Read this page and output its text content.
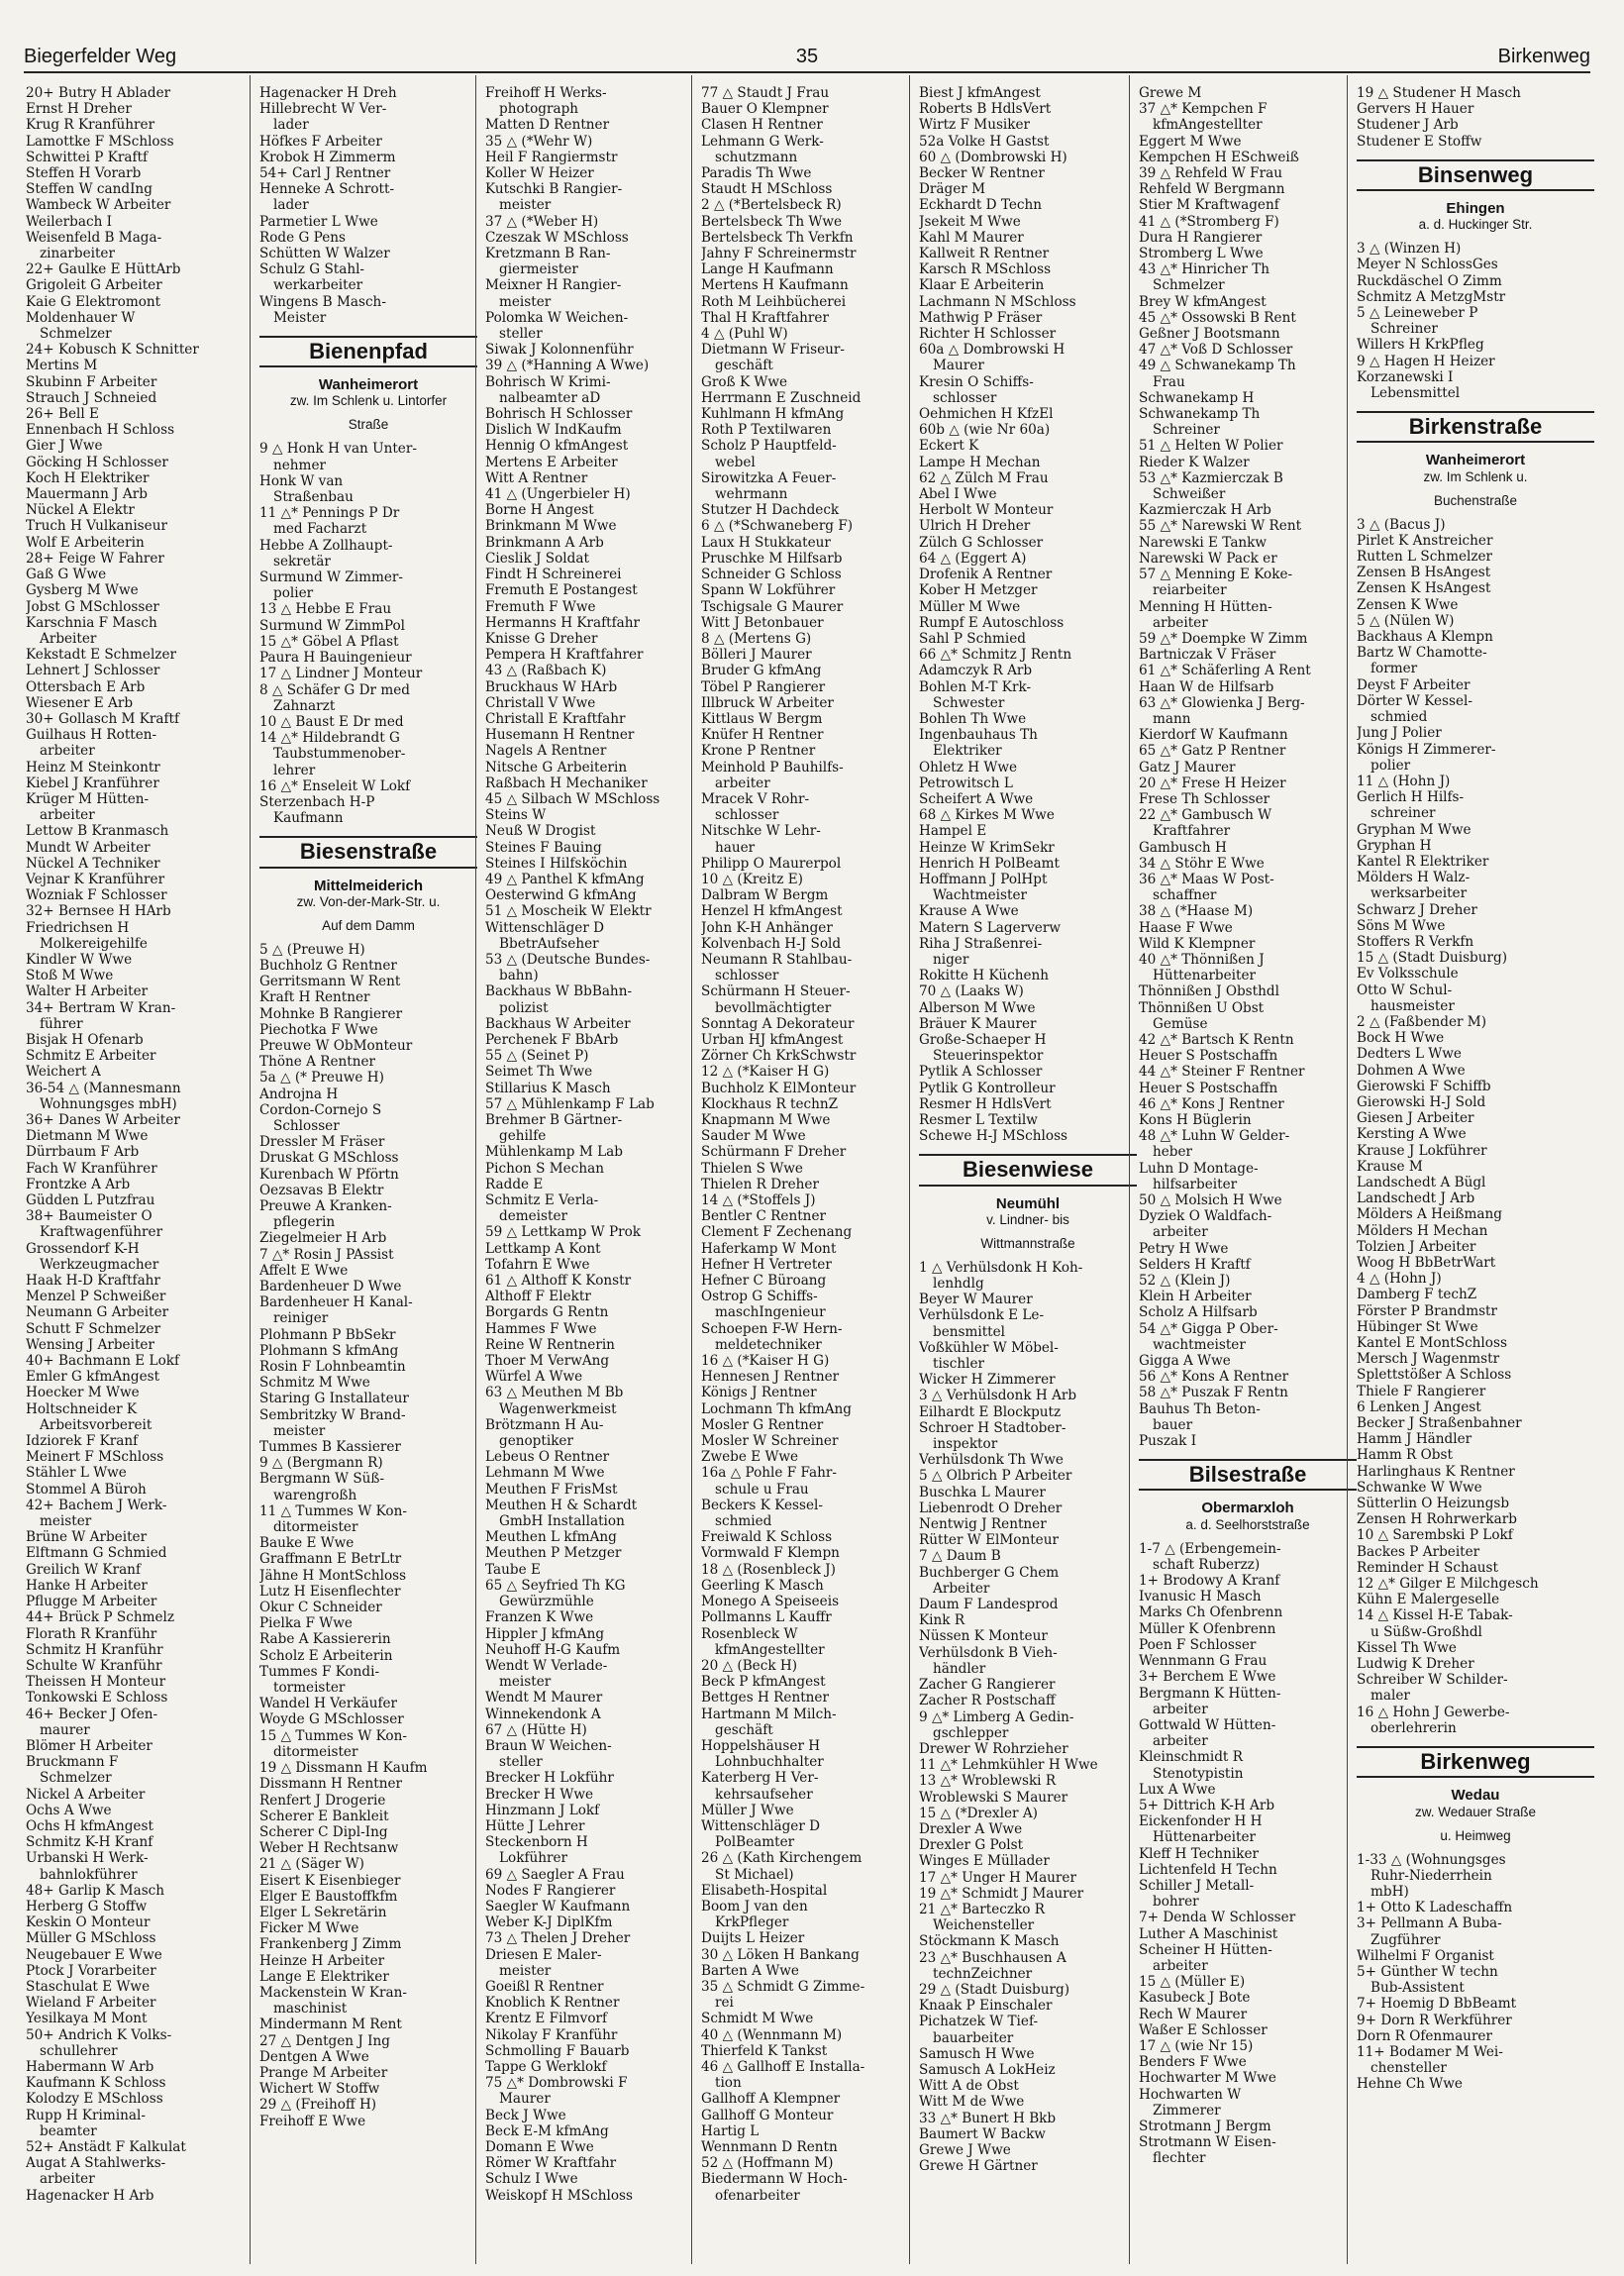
Biegerfelder Weg	35	Birkenweg
20+ Butry H Ablader
Ernst H Dreher
Krug R Kranführer
Lamottke F MSchloss
Schwittei P Kraftf
Steffen H Vorarb
Steffen W candIng
Wambeck W Arbeiter
Weilerbach I
Weisenfeld B Maga-
zinarbeiter
22+ Gaulke E HüttArb
Grigoleit G Arbeiter
Kaie G Elektromont
Moldenhauer W
Schmelzer
24+ Kobusch K Schnitter
Mertins M
Skubinn F Arbeiter
Strauch J Schneied
26+ Bell E
Ennenbach H Schloss
Gier J Wwe
Göcking H Schlosser
Koch H Elektriker
Mauermann J Arb
Nückel A Elektr
Truch H Vulkaniseur
Wolf E Arbeiterin
28+ Feige W Fahrer
Gaß G Wwe
Gysberg M Wwe
Jobst G MSchlosser
Karschnia F Masch
Arbeiter
Kekstadt E Schmelzer
Lehnert J Schlosser
Ottersbach E Arb
Wiesener E Arb
30+ Gollasch M Kraftf
Guilhaus H Rotten-
arbeiter
Heinz M Steinkontr
Kiebel J Kranführer
Krüger M Hütten-
arbeiter
Lettow B Kranmasch
Mundt W Arbeiter
Nückel A Techniker
Vejnar K Kranführer
Wozniak F Schlosser
32+ Bernsee H HArb
Friedrichsen H
Molkereigehilfe
Kindler W Wwe
Stoß M Wwe
Walter H Arbeiter
34+ Bertram W Kran-
führer
Bisjak H Ofenarb
Schmitz E Arbeiter
Weichert A
36-54 △ (Mannesmann
Wohnungsges mbH)
36+ Danes W Arbeiter
Dietmann M Wwe
Dürrbaum F Arb
Fach W Kranführer
Frontzke A Arb
Güdden L Putzfrau
38+ Baumeister O
Kraftwagenführer
Grossendorf K-H
Werkzeugmacher
Haak H-D Kraftfahr
Menzel P Schweißer
Neumann G Arbeiter
Schutt F Schmelzer
Wensing J Arbeiter
40+ Bachmann E Lokf
Emler G kfmAngest
Hoecker M Wwe
Holtschneider K
Arbeitsvorbereit
Idziorek F Kranf
Meinert F MSchloss
Stähler L Wwe
Stommel A Büroh
42+ Bachem J Werk-
meister
Brüne W Arbeiter
Elftmann G Schmied
Greilich W Kranf
Hanke H Arbeiter
Pflugge M Arbeiter
44+ Brück P Schmelz
Florath R Kranführ
Schmitz H Kranführ
Schulte W Kranführ
Theissen H Monteur
Tonkowski E Schloss
46+ Becker J Ofen-
maurer
Blömer H Arbeiter
Bruckmann F
Schmelzer
Nickel A Arbeiter
Ochs A Wwe
Ochs H kfmAngest
Schmitz K-H Kranf
Urbanski H Werk-
bahnlokführer
48+ Garlip K Masch
Herberg G Stoffw
Keskin O Monteur
Müller G MSchloss
Neugebauer E Wwe
Ptock J Vorarbeiter
Staschulat E Wwe
Wieland F Arbeiter
Yesilkaya M Mont
50+ Andrich K Volks-
schullehrer
Habermann W Arb
Kaufmann K Schloss
Kolodzy E MSchloss
Rupp H Kriminal-
beamter
52+ Anstädt F Kalkulat
Augat A Stahlwerks-
arbeiter
Hagenacker H Arb
Hagenacker H Dreh
Hillebrecht W Ver-
lader
Höfkes F Arbeiter
Krobok H Zimmerm
54+ Carl J Rentner
Henneke A Schrott-
lader
Parmetier L Wwe
Rode G Pens
Schütten W Walzer
Schulz G Stahl-
werkarbeiter
Wingens B Masch-
Meister
Bienenpfad
Wanheimerort
zw. Im Schlenk u. Lintorfer
Straße
9 △ Honk H van Unter-
nehmer
Honk W van
Straßenbau
11 △* Pennings P Dr
med Facharzt
Hebbe A Zollhaupt-
sekretär
Surmund W Zimmer-
polier
13 △ Hebbe E Frau
Surmund W ZimmPol
15 △* Göbel A Pflast
Paura H Bauingenieur
17 △ Lindner J Monteur
8 △ Schäfer G Dr med
Zahnarzt
10 △ Baust E Dr med
14 △* Hildebrandt G
Taubstummenober-
lehrer
16 △* Enseleit W Lokf
Sterzenbach H-P
Kaufmann
Biesenstraße
Mittelmeiderich
zw. Von-der-Mark-Str. u.
Auf dem Damm
5 △ (Preuwe H)
Buchholz G Rentner
Gerritsmann W Rent
Kraft H Rentner
Mohnke B Rangierer
Piechotka F Wwe
Preuwe W ObMonteur
Thöne A Rentner
5a △ (* Preuwe H)
Androjna H
Cordon-Cornejo S
Schlosser
Dressler M Fräser
Druskat G MSchloss
Kurenbach W Pförtn
Oezsavas B Elektr
Preuwe A Kranken-
pflegerin
Ziegelmeier H Arb
7 △* Rosin J PAssist
Affelt E Wwe
Bardenheuer D Wwe
Bardenheuer H Kanal-
reiniger
Plohmann P BbSekr
Plohmann S kfmAng
Rosin F Lohnbeamtin
Schmitz M Wwe
Staring G Installateur
Sembritzky W Brand-
meister
Tummes B Kassierer
9 △ (Bergmann R)
Bergmann W Süß-
warengroßh
11 △ Tummes W Kon-
ditormeister
Bauke E Wwe
Graffmann E BetrLtr
Jähne H MontSchloss
Lutz H Eisenflechter
Okur C Schneider
Pielka F Wwe
Rabe A Kassiererin
Scholz E Arbeiterin
Tummes F Kondi-
tormeister
Wandel H Verkäufer
Woyde G MSchlosser
15 △ Tummes W Kon-
ditormeister
19 △ Dissmann H Kaufm
Dissmann H Rentner
Renfert J Drogerie
Scherer E Bankleit
Scherer C Dipl-Ing
Weber H Rechtsanw
21 △ (Säger W)
Eisert K Eisenbieger
Elger E Baustoffkfm
Elger L Sekretärin
Ficker M Wwe
Frankenberg J Zimm
Heinze H Arbeiter
Lange E Elektriker
Mackenstein W Kran-
maschinist
Mindermann M Rent
27 △ Dentgen J Ing
Dentgen A Wwe
Prange M Arbeiter
Wichert W Stoffw
29 △ (Freihoff H)
Freihoff E Wwe
Freihoff H Werks-
photograph
Matten D Rentner
35 △ (*Wehr W)
Heil F Rangiermstr
Koller W Heizer
Kutschki B Rangier-
meister
37 △ (*Weber H)
Czeszak W MSchloss
Kretzmann B Ran-
giermeister
Meixner H Rangier-
meister
Polomka W Weichen-
steller
Siwak J Kolonnenführ
39 △ (*Hanning A Wwe)
Bohrisch W Krimi-
nalbeamter aD
Bohrisch H Schlosser
Dislich W IndKaufm
Hennig O kfmAngest
Mertens E Arbeiter
Witt A Rentner
41 △ (Ungerbieler H)
Borne H Angest
Brinkmann M Wwe
Brinkmann A Arb
Cieslik J Soldat
Findt H Schreinerei
Fremuth E Postangest
Fremuth F Wwe
Hermanns H Kraftfahr
Knisse G Dreher
Pempera H Kraftfahrer
43 △ (Raßbach K)
Bruckhaus W HArb
Christall V Wwe
Christall E Kraftfahr
Husemann H Rentner
Nagels A Rentner
Nitsche G Arbeiterin
Raßbach H Mechaniker
45 △ Silbach W MSchloss
Steins W
Neuß W Drogist
Steines F Bauing
Steines I Hilfsköchin
49 △ Panthel K kfmAng
Oesterwind G kfmAng
51 △ Moscheik W Elektr
Wittenschläger D
BbetrAufseher
53 △ (Deutsche Bundes-
bahn)
Backhaus W BbBahn-
polizist
Backhaus W Arbeiter
Perchenek F BbArb
55 △ (Seinet P)
Seimet Th Wwe
Stillarius K Masch
57 △ Mühlenkamp F Lab
Brehmer B Gärtner-
gehilfe
Mühlenkamp M Lab
Pichon S Mechan
Radde E
Schmitz E Verla-
demeister
59 △ Lettkamp W Prok
Lettkamp A Kont
Tofahrn E Wwe
61 △ Althoff K Konstr
Althoff F Elektr
Borgards G Rentn
Hammes F Wwe
Reine W Rentnerin
Thoer M VerwAng
Würfel A Wwe
63 △ Meuthen M Bb
Wagenwerkmeist
Brötzmann H Au-
genoptiker
Lebeus O Rentner
Lehmann M Wwe
Meuthen F FrisMst
Meuthen H & Schardt
GmbH Installation
Meuthen L kfmAng
Meuthen P Metzger
Taube E
65 △ Seyfried Th KG
Gewürzmühle
Franzen K Wwe
Hippler J kfmAng
Neuhoff H-G Kaufm
Wendt W Verlade-
meister
Wendt M Maurer
Winnekendonk A
67 △ (Hütte H)
Braun W Weichen-
steller
Brecker H Lokführ
Brecker H Wwe
Hinzmann J Lokf
Hütte J Lehrer
Steckenborn H
Lokführer
69 △ Saegler A Frau
Nodes F Rangierer
Saegler W Kaufmann
Weber K-J DiplKfm
73 △ Thelen J Dreher
Driesen E Maler-
meister
Goeißl R Rentner
Knoblich K Rentner
Krentz E Filmvorf
Nikolay F Kranführ
Schmolling F Bauarb
Tappe G Werklokf
75 △* Dombrowski F
Maurer
Beck J Wwe
Beck E-M kfmAng
Domann E Wwe
Römer W Kraftfahr
Schulz I Wwe
Weiskopf H MSchloss
77 △ Staudt J Frau
Bauer O Klempner
Clasen H Rentner
Lehmann G Werk-
schutzmann
Paradis Th Wwe
Staudt H MSchloss
2 △ (*Bertelsbeck R)
Bertelsbeck Th Wwe
Bertelsbeck Th Verkfn
Jahny F Schreinermstr
Lange H Kaufmann
Mertens H Kaufmann
Roth M Leihbücherei
Thal H Kraftfahrer
4 △ (Puhl W)
Dietmann W Friseur-
geschäft
Groß K Wwe
Herrmann E Zuschneid
Kuhlmann H kfmAng
Roth P Textilwaren
Scholz P Hauptfeld-
webel
Sirowitzka A Feuer-
wehrmann
Stutzer H Dachdeck
6 △ (*Schwaneberg F)
Laux H Stukkateur
Pruschke M Hilfsarb
Schneider G Schloss
Spann W Lokführer
Tschigsale G Maurer
Witt J Betonbauer
8 △ (Mertens G)
Bölleri J Maurer
Bruder G kfmAng
Töbel P Rangierer
Illbruck W Arbeiter
Kittlaus W Bergm
Knüfer H Rentner
Krone P Rentner
Meinhold P Bauhilfs-
arbeiter
Mracek V Rohr-
schlosser
Nitschke W Lehr-
hauer
Philipp O Maurerpol
10 △ (Kreitz E)
Dalbram W Bergm
Henzel H kfmAngest
John K-H Anhänger
Kolvenbach H-J Sold
Neumann R Stahlbau-
schlosser
Schürmann H Steuer-
bevollmächtigter
Sonntag A Dekorateur
Urban HJ kfmAngest
Zörner Ch KrkSchwstr
12 △ (*Kaiser H G)
Buchholz K ElMonteur
Klockhaus R technZ
Knapmann M Wwe
Sauder M Wwe
Schürmann F Dreher
Thielen S Wwe
Thielen R Dreher
14 △ (*Stoffels J)
Bentler C Rentner
Clement F Zechenang
Haferkamp W Mont
Hefner H Vertreter
Hefner C Büroang
Ostrop G Schiffs-
maschIngenieur
Schoepen F-W Hern-
meldetechniker
16 △ (*Kaiser H G)
Hennesen J Rentner
Königs J Rentner
Lochmann Th kfmAng
Mosler G Rentner
Mosler W Schreiner
Zwebe E Wwe
16a △ Pohle F Fahr-
schule u Frau
Beckers K Kessel-
schmied
Freiwald K Schloss
Vormwald F Klempn
18 △ (Rosenbleck J)
Geerling K Masch
Monego A Speiseeis
Pollmanns L Kauffr
Rosenbleck W
kfmAngestellter
20 △ (Beck H)
Beck P kfmAngest
Bettges H Rentner
Hartmann M Milch-
geschäft
Hoppelshäuser H
Lohnbuchhalter
Katerberg H Ver-
kehrsaufseher
Müller J Wwe
Wittenschläger D
PolBeamter
26 △ (Kath Kirchengem
St Michael)
Elisabeth-Hospital
Boom J van den
KrkPfleger
Duijts L Heizer
30 △ Löken H Bankang
Barten A Wwe
35 △ Schmidt G Zimme-
rei
Schmidt M Wwe
40 △ (Wennmann M)
Thierfeld K Tankst
46 △ Gallhoff E Installa-
tion
Gallhoff A Klempner
Gallhoff G Monteur
Hartig L
Wennmann D Rentn
52 △ (Hoffmann M)
Biedermann W Hoch-
ofenarbeiter
Biest J kfmAngest
Roberts B HdlsVert
Wirtz F Musiker
52a Volke H Gastst
60 △ (Dombrowski H)
Becker W Rentner
Dräger M
Eckhardt D Techn
Jsekeit M Wwe
Kahl M Maurer
Kallweit R Rentner
Karsch R MSchloss
Klaar E Arbeiterin
Lachmann N MSchloss
Mathwig P Fräser
Richter H Schlosser
60a △ Dombrowski H
Maurer
Kresin O Schiffs-
schlosser
Oehmichen H KfzEl
60b △ (wie Nr 60a)
Eckert K
Lampe H Mechan
62 △ Zülch M Frau
Abel I Wwe
Herbolt W Monteur
Ulrich H Dreher
Zülch G Schlosser
64 △ (Eggert A)
Drofenik A Rentner
Kober H Metzger
Müller M Wwe
Rumpf E Autoschloss
Sahl P Schmied
66 △* Schmitz J Rentn
Adamczyk R Arb
Bohlen M-T Krk-
Schwester
Bohlen Th Wwe
Ingenbauhaus Th
Elektriker
Ohletz H Wwe
Petrowitsch L
Scheifert A Wwe
68 △ Kirkes M Wwe
Hampel E
Heinze W KrimSekr
Henrich H PolBeamt
Hoffmann J PolHpt
Wachtmeister
Krause A Wwe
Matern S Lagerverw
Riha J Straßenrei-
niger
Rokitte H Küchenh
70 △ (Laaks W)
Alberson M Wwe
Bräuer K Maurer
Große-Schaeper H
Steuerinspektor
Pytlik A Schlosser
Pytlik G Kontrolleur
Resmer H HdlsVert
Resmer L Textilw
Schewe H-J MSchloss
Biesenwiese
Neumühl
v. Lindner- bis
Wittmannstraße
1 △ Verhülsdonk H Koh-
lenhdlg
Beyer W Maurer
Verhülsdonk E Le-
bensmittel
Voßkühler W Möbel-
tischler
Wicker H Zimmerer
3 △ Verhülsdonk H Arb
Eilhardt E Blockputz
Schroer H Stadtober-
inspektor
Verhülsdonk Th Wwe
5 △ Olbrich P Arbeiter
Buschka L Maurer
Liebenrodt O Dreher
Nentwig J Rentner
Rütter W ElMonteur
7 △ Daum B
Buchberger G Chem
Arbeiter
Daum F Landesprod
Kink R
Nüssen K Monteur
Verhülsdonk B Vieh-
händler
Zacher G Rangierer
Zacher R Postschaff
9 △* Limberg A Gedin-
gschlepper
Drewer W Rohrzieher
11 △* Lehmkühler H Wwe
13 △* Wroblewski R
Wroblewski S Maurer
15 △ (*Drexler A)
Drexler A Wwe
Drexler G Polst
Winges E Müllader
17 △* Unger H Maurer
19 △* Schmidt J Maurer
21 △* Barteczko R
Weichensteller
Stöckmann K Masch
23 △* Buschhausen A
technZeichner
29 △ (Stadt Duisburg)
Knaak P Einschaler
Pichatzek W Tief-
bauarbeiter
Samusch H Wwe
Samusch A LokHeiz
Witt A de Obst
Witt M de Wwe
33 △* Bunert H Bkb
Baumert W Backw
Grewe J Wwe
Grewe H Gärtner
Grewe M
37 △* Kempchen F
kfmAngestellter
Eggert M Wwe
Kempchen H ESchweiß
39 △ Rehfeld W Frau
Rehfeld W Bergmann
Stier M Kraftwagenf
41 △ (*Stromberg F)
Dura H Rangierer
Stromberg L Wwe
43 △* Hinricher Th
Schmelzer
Brey W kfmAngest
45 △* Ossowski B Rent
Geßner J Bootsmann
47 △* Voß D Schlosser
49 △ Schwanekamp Th
Frau
Schwanekamp H
Schwanekamp Th
Schreiner
51 △ Helten W Polier
Rieder K Walzer
53 △* Kazmierczak B
Schweißer
Kazmierczak H Arb
55 △* Narewski W Rent
Narewski E Tankw
Narewski W Pack er
57 △ Menning E Koke-
reiarbeiter
Menning H Hütten-
arbeiter
59 △* Doempke W Zimm
Bartniczak V Fräser
61 △* Schäferling A Rent
Haan W de Hilfsarb
63 △* Glowienka J Berg-
mann
Kierdorf W Kaufmann
65 △* Gatz P Rentner
Gatz J Maurer
20 △* Frese H Heizer
Frese Th Schlosser
22 △* Gambusch W
Kraftfahrer
Gambusch H
34 △ Stöhr E Wwe
36 △* Maas W Post-
schaffner
38 △ (*Haase M)
Haase F Wwe
Wild K Klempner
40 △* Thönnißen J
Hüttenarbeiter
Thönnißen J Obsthdl
Thönnißen U Obst
Gemüse
42 △* Bartsch K Rentn
Heuer S Postschaffn
44 △* Steiner F Rentner
Heuer S Postschaffn
46 △* Kons J Rentner
Kons H Büglerin
48 △* Luhn W Gelder-
heber
Luhn D Montage-
hilfsarbeiter
50 △ Molsich H Wwe
Dyziek O Waldfach-
arbeiter
Petry H Wwe
Selders H Kraftf
52 △ (Klein J)
Klein H Arbeiter
Scholz A Hilfsarb
54 △* Gigga P Ober-
wachtmeister
Gigga A Wwe
56 △* Kons A Rentner
58 △* Puszak F Rentn
Bauhus Th Beton-
bauer
Puszak I
Bilsestraße
Obermarxloh
a. d. Seelhorststraße
1-7 △ (Erbengemein-
schaft Ruberzz)
1+ Brodowy A Kranf
Ivanusic H Masch
Marks Ch Ofenbrenn
Müller K Ofenbrenn
Poen F Schlosser
Wennmann G Frau
3+ Berchem E Wwe
Bergmann K Hütten-
arbeiter
Gottwald W Hütten-
arbeiter
Kleinschmidt R
Stenotypistin
Lux A Wwe
5+ Dittrich K-H Arb
Eickenfonder H H
Hüttenarbeiter
Kleff H Techniker
Lichtenfeld H Techn
Schiller J Metall-
bohrer
7+ Denda W Schlosser
Luther A Maschinist
Scheiner H Hütten-
arbeiter
15 △ (Müller E)
Kasubeck J Bote
Rech W Maurer
Waßer E Schlosser
17 △ (wie Nr 15)
Benders F Wwe
Hochwarter M Wwe
Hochwarten W
Zimmerer
Strotmann J Bergm
Strotmann W Eisen-
flechter
19 △ Studener H Masch
Gervers H Hauer
Studener J Arb
Studener E Stoffw
Binsenweg
Ehingen
a. d. Huckinger Str.
3 △ (Winzen H)
Meyer N SchlossGes
Ruckdäschel O Zimm
Schmitz A MetzgMstr
5 △ Leineweber P
Schreiner
Willers H KrkPfleg
9 △ Hagen H Heizer
Korzanewski I
Lebensmittel
Birkenstraße
Wanheimerort
zw. Im Schlenk u.
Buchenstraße
3 △ (Bacus J)
Pirlet K Anstreicher
Rutten L Schmelzer
Zensen B HsAngest
Zensen K HsAngest
Zensen K Wwe
5 △ (Nülen W)
Backhaus A Klempn
Bartz W Chamotte-
former
Deyst F Arbeiter
Dörter W Kessel-
schmied
Jung J Polier
Königs H Zimmerer-
polier
11 △ (Hohn J)
Gerlich H Hilfs-
schreiner
Gryphan M Wwe
Gryphan H
Kantel R Elektriker
Mölders H Walz-
werksarbeiter
Schwarz J Dreher
Söns M Wwe
Stoffers R Verkfn
15 △ (Stadt Duisburg)
Ev Volksschule
Otto W Schul-
hausmeister
2 △ (Faßbender M)
Bock H Wwe
Dedters L Wwe
Dohmen A Wwe
Gierowski F Schiffb
Gierowski H-J Sold
Giesen J Arbeiter
Kersting A Wwe
Krause J Lokführer
Krause M
Landschedt A Bügl
Landschedt J Arb
Mölders A Heißmang
Mölders H Mechan
Tolzien J Arbeiter
Woog H BbBetrWart
4 △ (Hohn J)
Damberg F techZ
Förster P Brandmstr
Hübinger St Wwe
Kantel E MontSchloss
Mersch J Wagenmstr
Splettstößer A Schloss
Thiele F Rangierer
6 Lenken J Angest
Becker J Straßenbahner
Hamm J Händler
Hamm R Obst
Harlinghaus K Rentner
Schwanke W Wwe
Sütterlin O Heizungsb
Zensen H Rohrwerkarb
10 △ Sarembski P Lokf
Backes P Arbeiter
Reminder H Schaust
12 △* Gilger E Milchgesch
Kühn E Malergeselle
14 △ Kissel H-E Tabak-
u Süßw-Großhdl
Kissel Th Wwe
Ludwig K Dreher
Schreiber W Schilder-
maler
16 △ Hohn J Gewerbe-
oberlehrerin
Birkenweg
Wedau
zw. Wedauer Straße
u. Heimweg
1-33 △ (Wohnungsges
Ruhr-Niederrhein
mbH)
1+ Otto K Ladeschaffn
3+ Pellmann A Buba-
Zugführer
Wilhelmi F Organist
5+ Günther W techn
Bub-Assistent
7+ Hoemig D BbBeamt
9+ Dorn R Werkführer
Dorn R Ofenmaurer
11+ Bodamer M Wei-
chensteller
Hehne Ch Wwe
